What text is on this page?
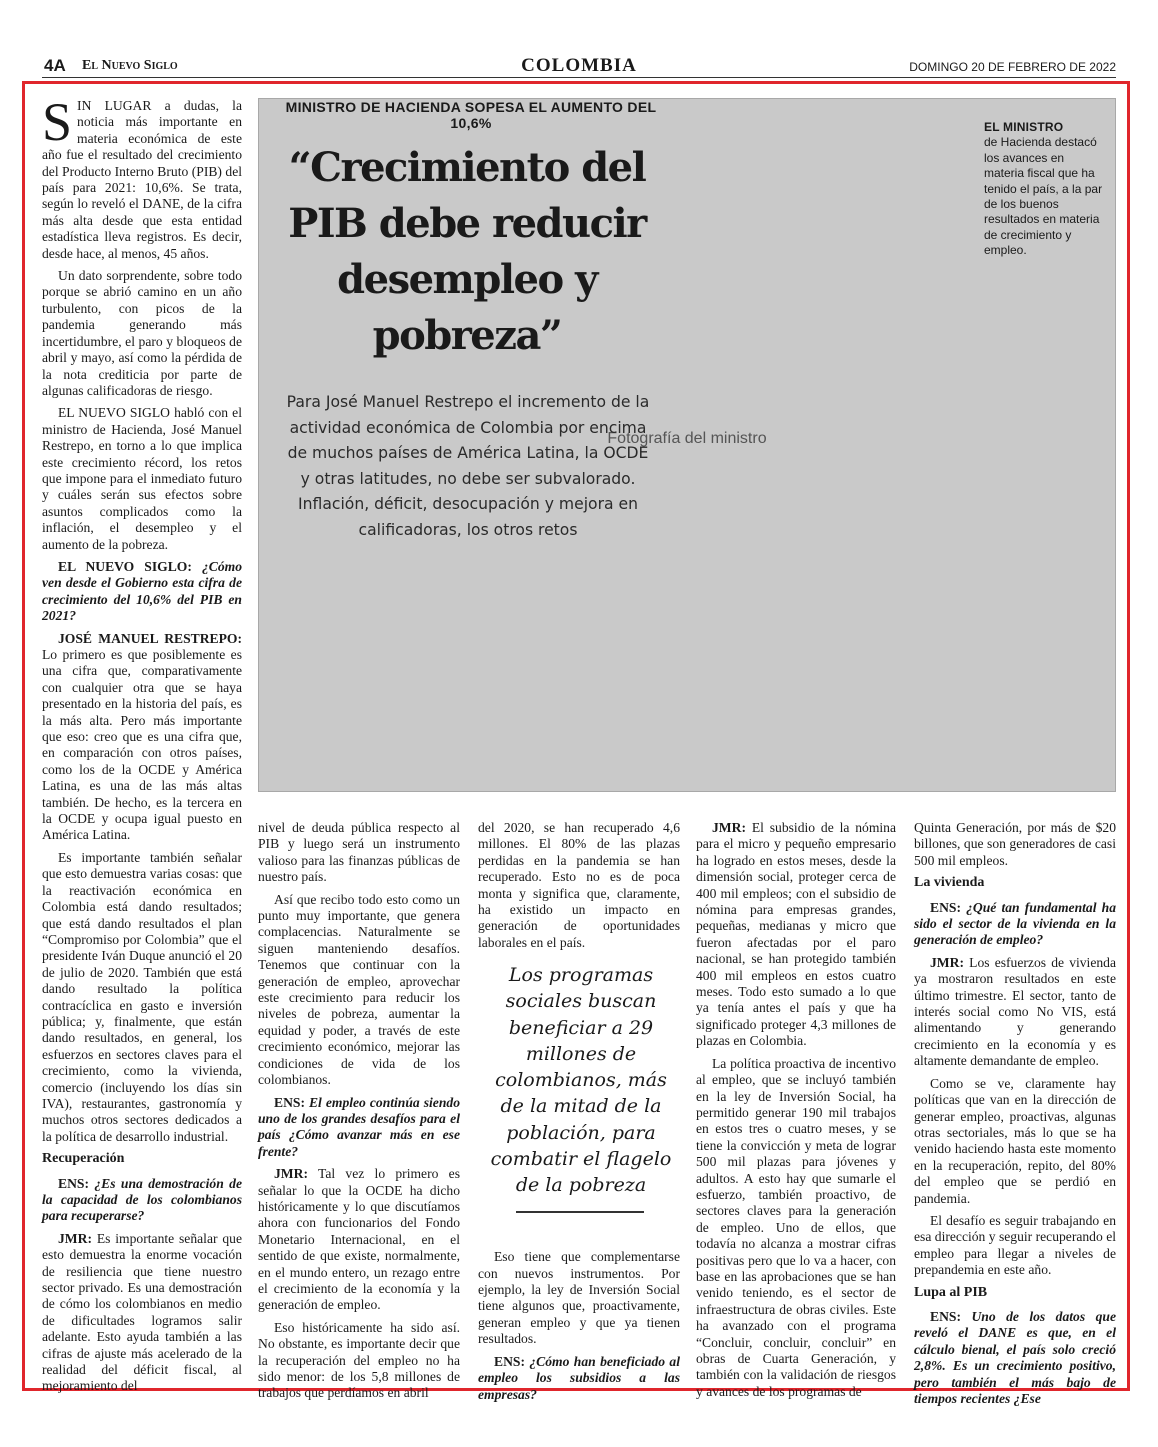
4A El Nuevo Siglo	COLOMBIA	DOMINGO 20 DE FEBRERO DE 2022
Fotografía del ministro
MINISTRO DE HACIENDA SOPESA EL AUMENTO DEL 10,6%
“Crecimiento del PIB debe reducir desempleo y pobreza”
Para José Manuel Restrepo el incremento de la actividad económica de Colombia por encima de muchos países de América Latina, la OCDE y otras latitudes, no debe ser subvalorado. Inflación, déficit, desocupación y mejora en calificadoras, los otros retos
EL MINISTRO
de Hacienda destacó los avances en materia fiscal que ha tenido el país, a la par de los buenos resultados en materia de crecimiento y empleo.

SIN LUGAR a dudas, la noticia más importante en materia económica de este año fue el resultado del crecimiento del Producto Interno Bruto (PIB) del país para 2021: 10,6%. Se trata, según lo reveló el DANE, de la cifra más alta desde que esta entidad estadística lleva registros. Es decir, desde hace, al menos, 45 años.

Un dato sorprendente, sobre todo porque se abrió camino en un año turbulento, con picos de la pandemia generando más incertidumbre, el paro y bloqueos de abril y mayo, así como la pérdida de la nota crediticia por parte de algunas calificadoras de riesgo.

EL NUEVO SIGLO habló con el ministro de Hacienda, José Manuel Restrepo, en torno a lo que implica este crecimiento récord, los retos que impone para el inmediato futuro y cuáles serán sus efectos sobre asuntos complicados como la inflación, el desempleo y el aumento de la pobreza.

EL NUEVO SIGLO: ¿Cómo ven desde el Gobierno esta cifra de crecimiento del 10,6% del PIB en 2021?

JOSÉ MANUEL RESTREPO: Lo primero es que posiblemente es una cifra que, comparativamente con cualquier otra que se haya presentado en la historia del país, es la más alta. Pero más importante que eso: creo que es una cifra que, en comparación con otros países, como los de la OCDE y América Latina, es una de las más altas también. De hecho, es la tercera en la OCDE y ocupa igual puesto en América Latina.

Es importante también señalar que esto demuestra varias cosas: que la reactivación económica en Colombia está dando resultados; que está dando resultados el plan “Compromiso por Colombia” que el presidente Iván Duque anunció el 20 de julio de 2020. También que está dando resultado la política contracíclica en gasto e inversión pública; y, finalmente, que están dando resultados, en general, los esfuerzos en sectores claves para el crecimiento, como la vivienda, comercio (incluyendo los días sin IVA), restaurantes, gastronomía y muchos otros sectores dedicados a la política de desarrollo industrial.

Recuperación

ENS: ¿Es una demostración de la capacidad de los colombianos para recuperarse?

JMR: Es importante señalar que esto demuestra la enorme vocación de resiliencia que tiene nuestro sector privado. Es una demostración de cómo los colombianos en medio de dificultades logramos salir adelante. Esto ayuda también a las cifras de ajuste más acelerado de la realidad del déficit fiscal, al mejoramiento del

nivel de deuda pública respecto al PIB y luego será un instrumento valioso para las finanzas públicas de nuestro país.

Así que recibo todo esto como un punto muy importante, que genera complacencias. Naturalmente se siguen manteniendo desafíos. Tenemos que continuar con la generación de empleo, aprovechar este crecimiento para reducir los niveles de pobreza, aumentar la equidad y poder, a través de este crecimiento económico, mejorar las condiciones de vida de los colombianos.

ENS: El empleo continúa siendo uno de los grandes desafíos para el país ¿Cómo avanzar más en ese frente?

JMR: Tal vez lo primero es señalar lo que la OCDE ha dicho históricamente y lo que discutíamos ahora con funcionarios del Fondo Monetario Internacional, en el sentido de que existe, normalmente, en el mundo entero, un rezago entre el crecimiento de la economía y la generación de empleo.

Eso históricamente ha sido así. No obstante, es importante decir que la recuperación del empleo no ha sido menor: de los 5,8 millones de trabajos que perdíamos en abril

del 2020, se han recuperado 4,6 millones. El 80% de las plazas perdidas en la pandemia se han recuperado. Esto no es de poca monta y significa que, claramente, ha existido un impacto en generación de oportunidades laborales en el país.

Eso tiene que complementarse con nuevos instrumentos. Por ejemplo, la ley de Inversión Social tiene algunos que, proactivamente, generan empleo y que ya tienen resultados.

ENS: ¿Cómo han beneficiado al empleo los subsidios a las empresas?

Los programas sociales buscan beneficiar a 29 millones de colombianos, más de la mitad de la población, para combatir el flagelo de la pobreza

JMR: El subsidio de la nómina para el micro y pequeño empresario ha logrado en estos meses, desde la dimensión social, proteger cerca de 400 mil empleos; con el subsidio de nómina para empresas grandes, pequeñas, medianas y micro que fueron afectadas por el paro nacional, se han protegido también 400 mil empleos en estos cuatro meses. Todo esto sumado a lo que ya tenía antes el país y que ha significado proteger 4,3 millones de plazas en Colombia.

La política proactiva de incentivo al empleo, que se incluyó también en la ley de Inversión Social, ha permitido generar 190 mil trabajos en estos tres o cuatro meses, y se tiene la convicción y meta de lograr 500 mil plazas para jóvenes y adultos. A esto hay que sumarle el esfuerzo, también proactivo, de sectores claves para la generación de empleo. Uno de ellos, que todavía no alcanza a mostrar cifras positivas pero que lo va a hacer, con base en las aprobaciones que se han venido teniendo, es el sector de infraestructura de obras civiles. Este ha avanzado con el programa “Concluir, concluir, concluir” en obras de Cuarta Generación, y también con la validación de riesgos y avances de los programas de

Quinta Generación, por más de $20 billones, que son generadores de casi 500 mil empleos.

La vivienda

ENS: ¿Qué tan fundamental ha sido el sector de la vivienda en la generación de empleo?

JMR: Los esfuerzos de vivienda ya mostraron resultados en este último trimestre. El sector, tanto de interés social como No VIS, está alimentando y generando crecimiento en la economía y es altamente demandante de empleo.

Como se ve, claramente hay políticas que van en la dirección de generar empleo, proactivas, algunas otras sectoriales, más lo que se ha venido haciendo hasta este momento en la recuperación, repito, del 80% del empleo que se perdió en pandemia.

El desafío es seguir trabajando en esa dirección y seguir recuperando el empleo para llegar a niveles de prepandemia en este año.

Lupa al PIB

ENS: Uno de los datos que reveló el DANE es que, en el cálculo bienal, el país solo creció 2,8%. Es un crecimiento positivo, pero también el más bajo de tiempos recientes ¿Ese
